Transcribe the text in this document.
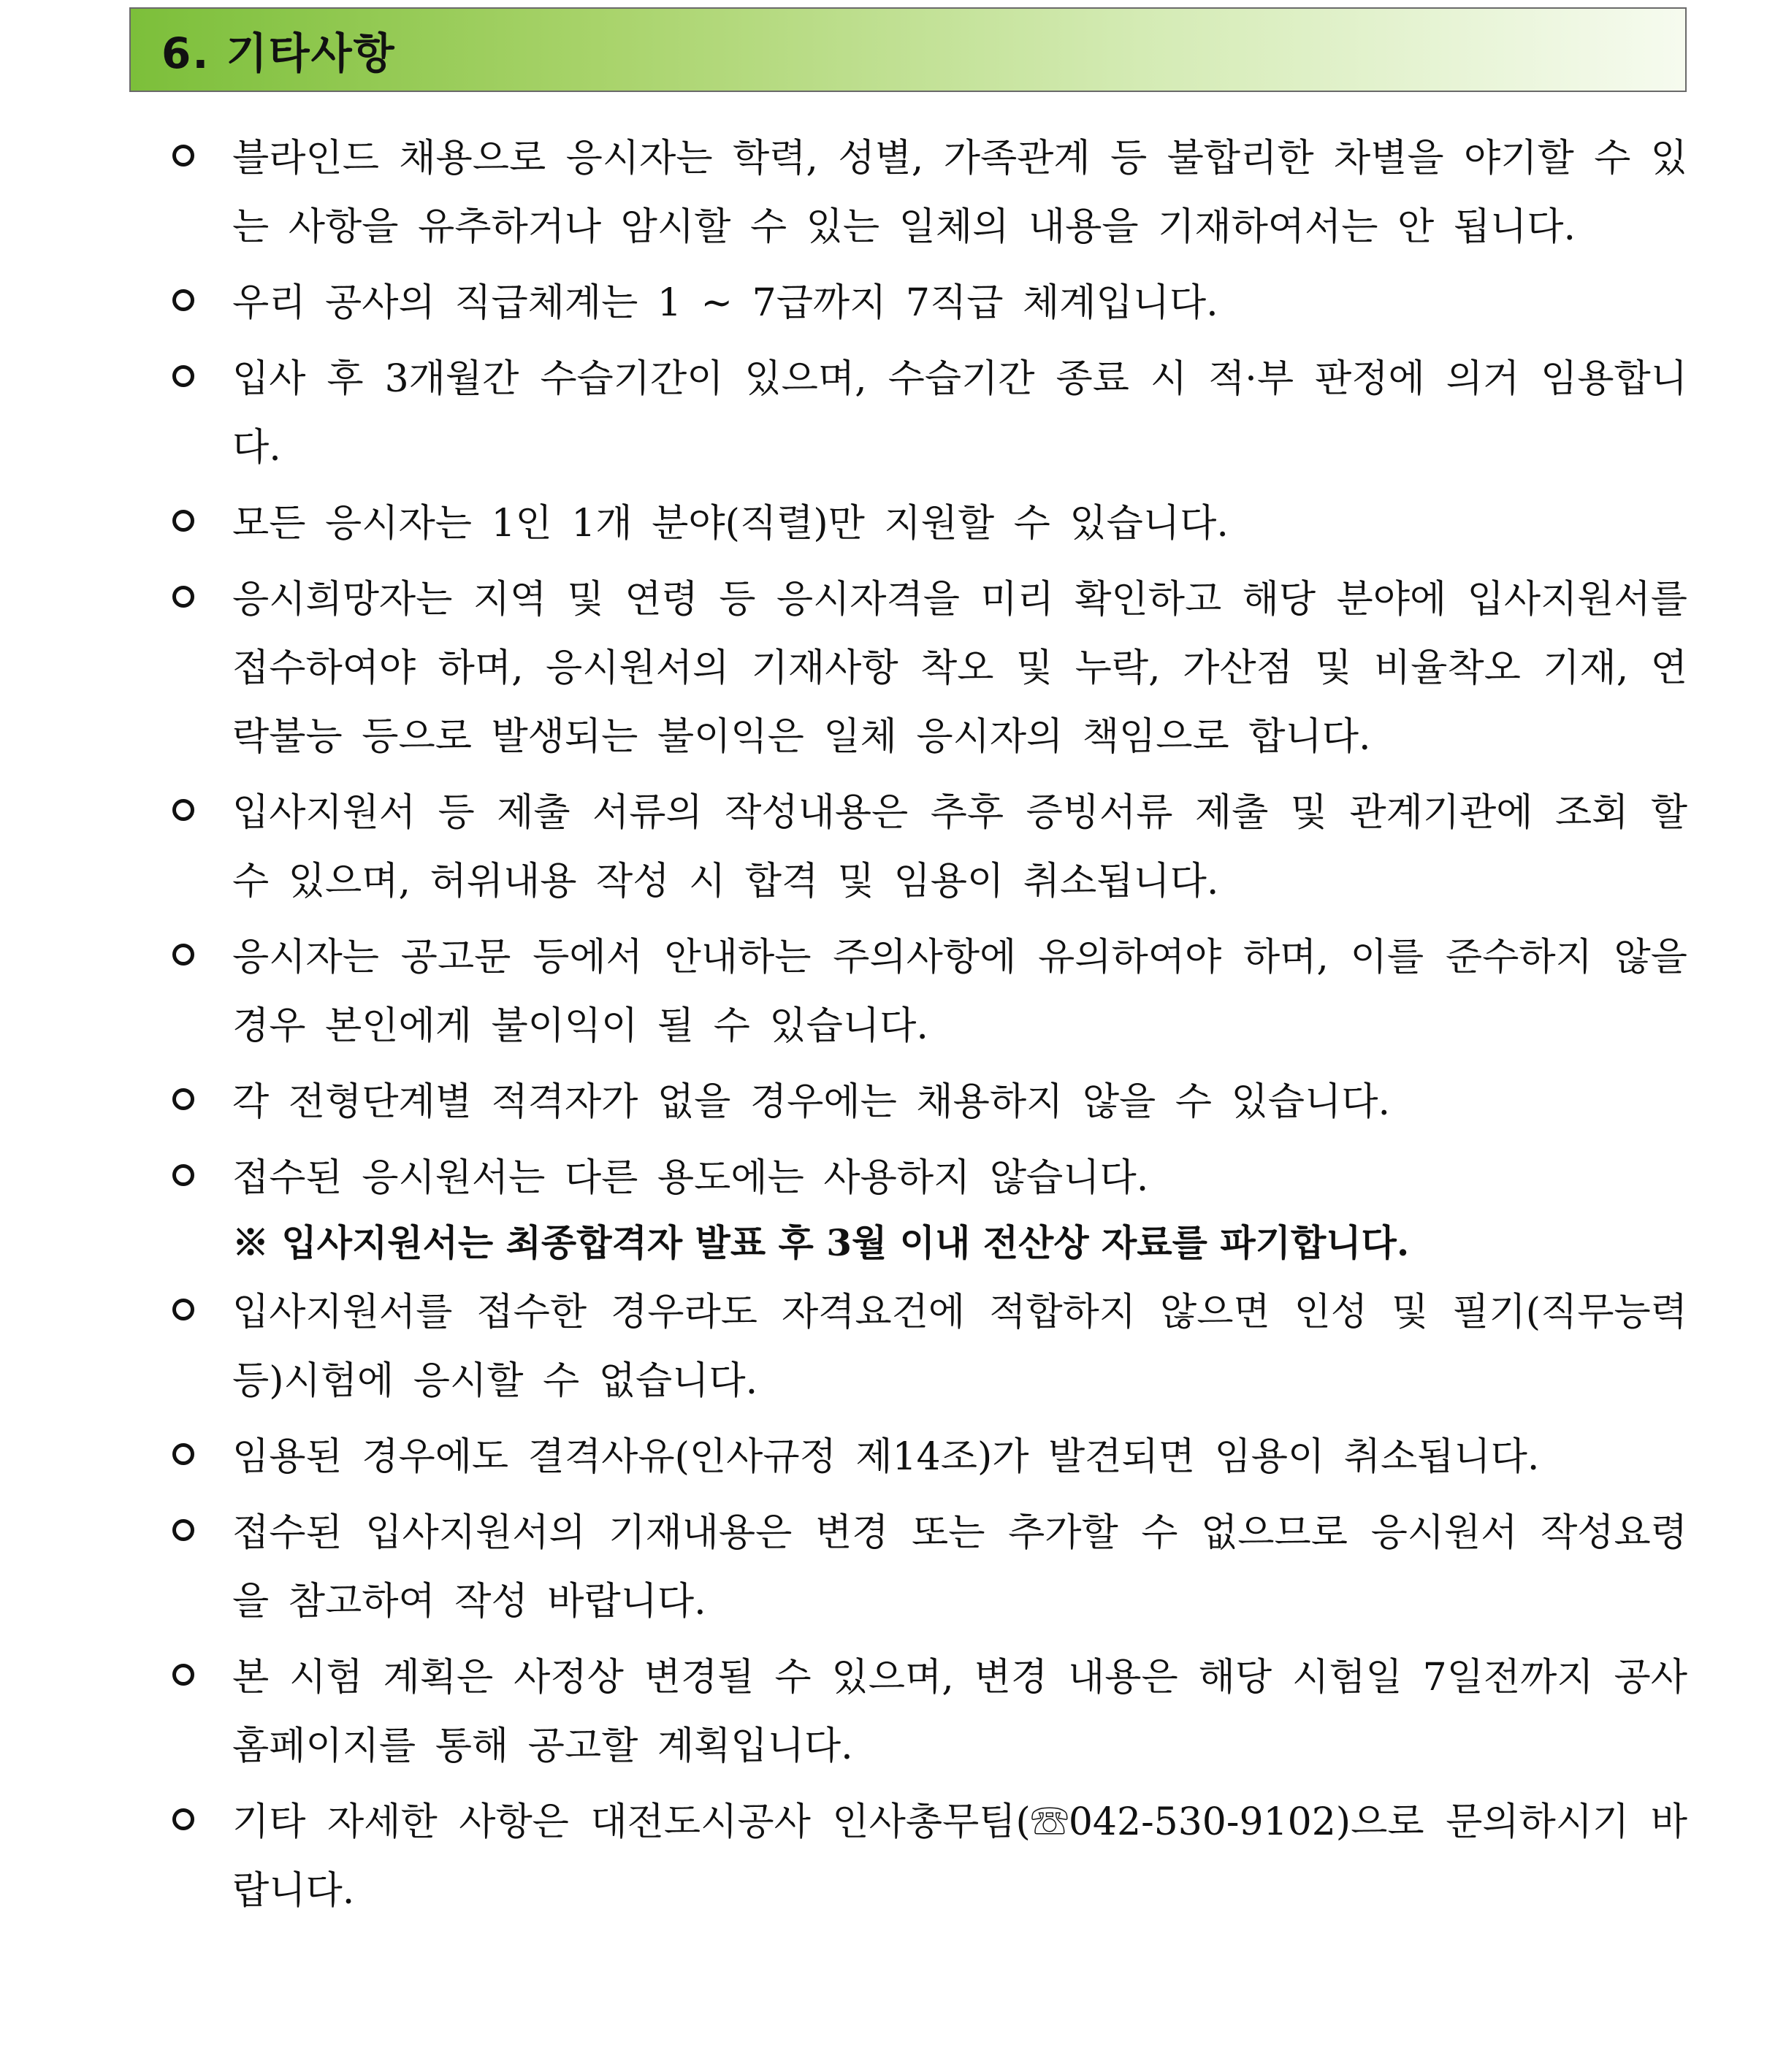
6. 기타사항
블라인드 채용으로 응시자는 학력, 성별, 가족관계 등 불합리한 차별을 야기할 수 있는 사항을 유추하거나 암시할 수 있는 일체의 내용을 기재하여서는 안 됩니다.
우리 공사의 직급체계는 1 ~ 7급까지 7직급 체계입니다.
입사 후 3개월간 수습기간이 있으며, 수습기간 종료 시 적·부 판정에 의거 임용합니다.
모든 응시자는 1인 1개 분야(직렬)만 지원할 수 있습니다.
응시희망자는 지역 및 연령 등 응시자격을 미리 확인하고 해당 분야에 입사지원서를 접수하여야 하며, 응시원서의 기재사항 착오 및 누락, 가산점 및 비율착오 기재, 연락불능 등으로 발생되는 불이익은 일체 응시자의 책임으로 합니다.
입사지원서 등 제출 서류의 작성내용은 추후 증빙서류 제출 및 관계기관에 조회 할 수 있으며, 허위내용 작성 시 합격 및 임용이 취소됩니다.
응시자는 공고문 등에서 안내하는 주의사항에 유의하여야 하며, 이를 준수하지 않을 경우 본인에게 불이익이 될 수 있습니다.
각 전형단계별 적격자가 없을 경우에는 채용하지 않을 수 있습니다.
접수된 응시원서는 다른 용도에는 사용하지 않습니다.
※ 입사지원서는 최종합격자 발표 후 3월 이내 전산상 자료를 파기합니다.
입사지원서를 접수한 경우라도 자격요건에 적합하지 않으면 인성 및 필기(직무능력 등)시험에 응시할 수 없습니다.
임용된 경우에도 결격사유(인사규정 제14조)가 발견되면 임용이 취소됩니다.
접수된 입사지원서의 기재내용은 변경 또는 추가할 수 없으므로 응시원서 작성요령을 참고하여 작성 바랍니다.
본 시험 계획은 사정상 변경될 수 있으며, 변경 내용은 해당 시험일 7일전까지 공사 홈페이지를 통해 공고할 계획입니다.
기타 자세한 사항은 대전도시공사 인사총무팀(☏042-530-9102)으로 문의하시기 바랍니다.
